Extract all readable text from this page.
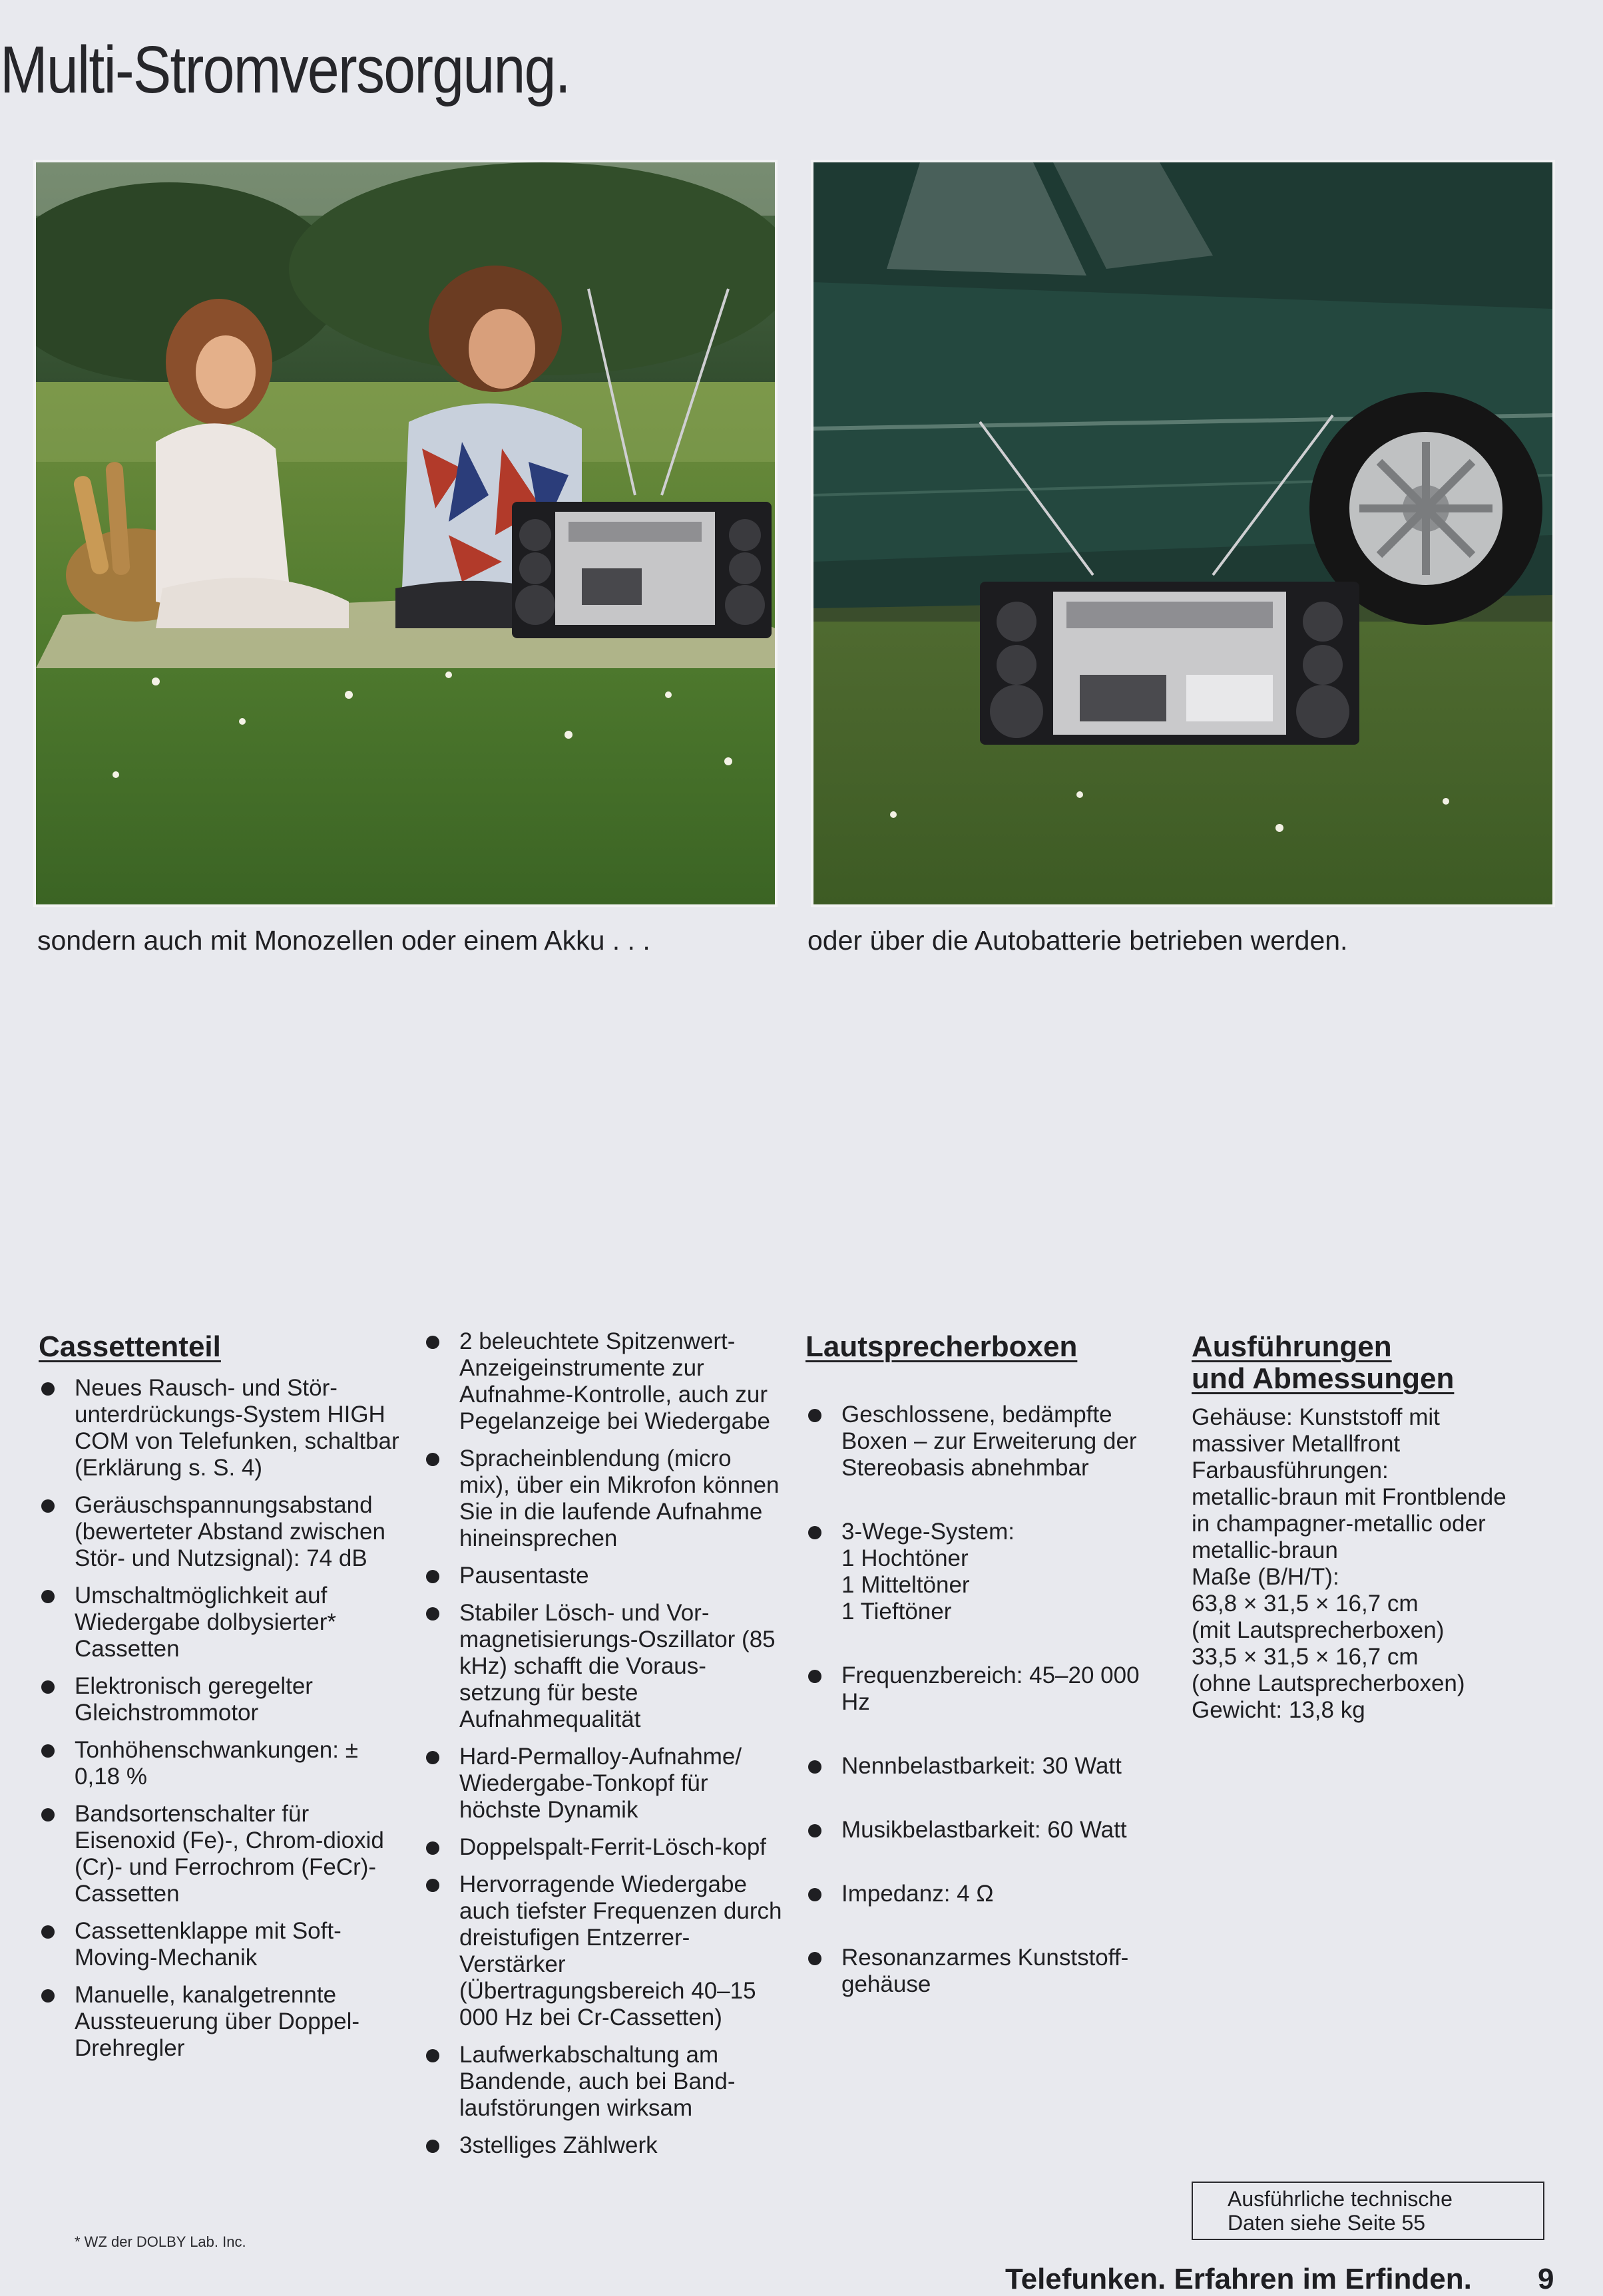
Multi-Stromversorgung.
sondern auch mit Monozellen oder einem Akku . . .	oder über die Autobatterie betrieben werden.
Cassettenteil
Neues Rausch- und Stör-unterdrückungs-System HIGH COM von Telefunken, schaltbar (Erklärung s. S. 4)
Geräuschspannungsabstand (bewerteter Abstand zwischen Stör- und Nutzsignal): 74 dB
Umschaltmöglichkeit auf Wiedergabe dolbysierter* Cassetten
Elektronisch geregelter Gleichstrommotor
Tonhöhenschwankungen: ± 0,18 %
Bandsortenschalter für Eisenoxid (Fe)-, Chrom-dioxid (Cr)- und Ferrochrom (FeCr)-Cassetten
Cassettenklappe mit Soft-Moving-Mechanik
Manuelle, kanalgetrennte Aussteuerung über Doppel-Drehregler
2 beleuchtete Spitzenwert-Anzeigeinstrumente zur Aufnahme-Kontrolle, auch zur Pegelanzeige bei Wiedergabe
Spracheinblendung (micro mix), über ein Mikrofon können Sie in die laufende Aufnahme hineinsprechen
Pausentaste
Stabiler Lösch- und Vor-magnetisierungs-Oszillator (85 kHz) schafft die Voraus-setzung für beste Aufnahmequalität
Hard-Permalloy-Aufnahme/ Wiedergabe-Tonkopf für höchste Dynamik
Doppelspalt-Ferrit-Lösch-kopf
Hervorragende Wiedergabe auch tiefster Frequenzen durch dreistufigen Entzerrer-Verstärker (Übertragungsbereich 40–15 000 Hz bei Cr-Cassetten)
Laufwerkabschaltung am Bandende, auch bei Band-laufstörungen wirksam
3stelliges Zählwerk
Lautsprecherboxen

Geschlossene, bedämpfte Boxen – zur Erweiterung der Stereobasis abnehmbar

3-Wege-System:
1 Hochtöner
1 Mitteltöner
1 Tieftöner

Frequenzbereich: 45–20 000 Hz

Nennbelastbarkeit: 30 Watt

Musikbelastbarkeit: 60 Watt

Impedanz: 4 Ω

Resonanzarmes Kunststoff-gehäuse

Ausführungen
und Abmessungen

Gehäuse: Kunststoff mit

massiver Metallfront

Farbausführungen:

metallic-braun mit Frontblende

in champagner-metallic oder

metallic-braun

Maße (B/H/T):

63,8 × 31,5 × 16,7 cm

(mit Lautsprecherboxen)

33,5 × 31,5 × 16,7 cm

(ohne Lautsprecherboxen)

Gewicht: 13,8 kg

Ausführliche technische
Daten siehe Seite 55
* WZ der DOLBY Lab. Inc.
Telefunken. Erfahren im Erfinden. 9
